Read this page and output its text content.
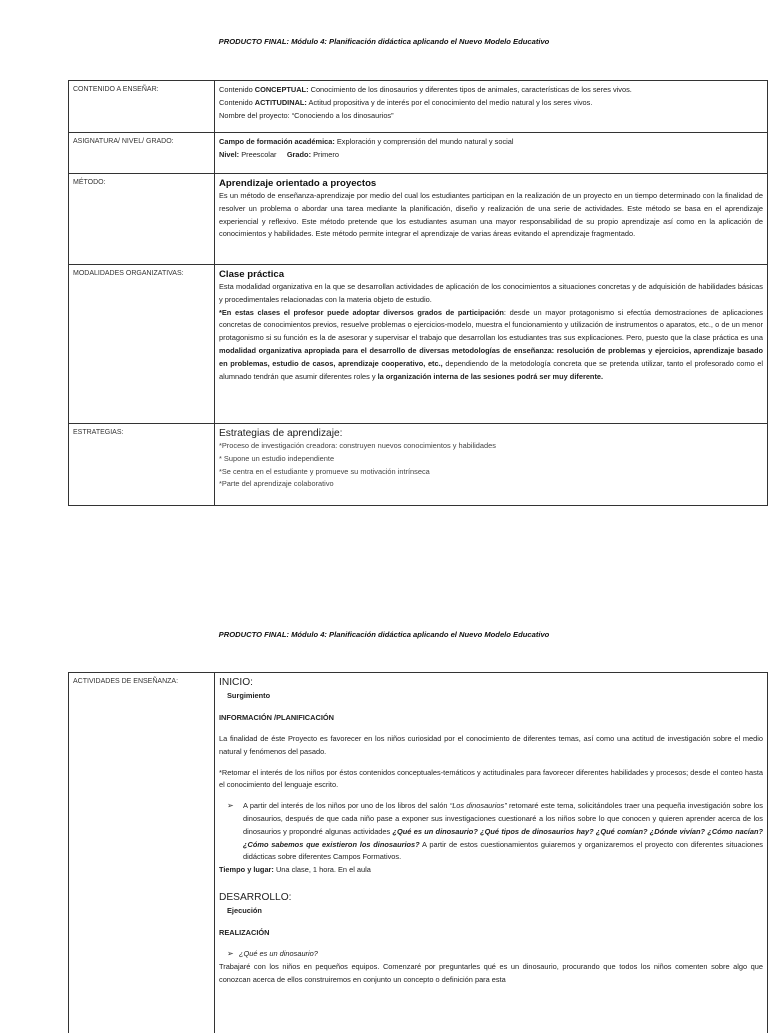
PRODUCTO FINAL: Módulo 4: Planificación didáctica aplicando el Nuevo Modelo Educativo
CONTENIDO A ENSEÑAR:	Contenido CONCEPTUAL: Conocimiento de los dinosaurios y diferentes tipos de animales, características de los seres vivos.

Contenido ACTITUDINAL: Actitud propositiva y de interés por el conocimiento del medio natural y los seres vivos.

Nombre del proyecto: “Conociendo a los dinosaurios”

ASIGNATURA/ NIVEL/ GRADO:	Campo de formación académica: Exploración y comprensión del mundo natural y social

Nivel: Preescolar Grado: Primero

MÉTODO:	Aprendizaje orientado a proyectos

Es un método de enseñanza-aprendizaje por medio del cual los estudiantes participan en la realización de un proyecto en un tiempo determinado con la finalidad de resolver un problema o abordar una tarea mediante la planificación, diseño y realización de una serie de actividades. Este método se basa en el aprendizaje experiencial y reflexivo. Este método pretende que los estudiantes asuman una mayor responsabilidad de su propio aprendizaje así como en la aplicación de conocimientos y habilidades. Este método permite integrar el aprendizaje de varias áreas evitando el aprendizaje fragmentado.

MODALIDADES ORGANIZATIVAS:	Clase práctica

Esta modalidad organizativa en la que se desarrollan actividades de aplicación de los conocimientos a situaciones concretas y de adquisición de habilidades básicas y procedimentales relacionadas con la materia objeto de estudio.

*En estas clases el profesor puede adoptar diversos grados de participación: desde un mayor protagonismo si efectúa demostraciones de aplicaciones concretas de conocimientos previos, resuelve problemas o ejercicios-modelo, muestra el funcionamiento y utilización de instrumentos o aparatos, etc., o de un menor protagonismo si su función es la de asesorar y supervisar el trabajo que desarrollan los estudiantes tras sus explicaciones. Pero, puesto que la clase práctica es una modalidad organizativa apropiada para el desarrollo de diversas metodologías de enseñanza: resolución de problemas y ejercicios, aprendizaje basado en problemas, estudio de casos, aprendizaje cooperativo, etc., dependiendo de la metodología concreta que se pretenda utilizar, tanto el profesorado como el alumnado tendrán que asumir diferentes roles y la organización interna de las sesiones podrá ser muy diferente.

ESTRATEGIAS:	Estrategias de aprendizaje:

*Proceso de investigación creadora: construyen nuevos conocimientos y habilidades

* Supone un estudio independiente

*Se centra en el estudiante y promueve su motivación intrínseca

*Parte del aprendizaje colaborativo

PRODUCTO FINAL: Módulo 4: Planificación didáctica aplicando el Nuevo Modelo Educativo
ACTIVIDADES DE ENSEÑANZA:	INICIO:
Surgimiento
INFORMACIÓN /PLANIFICACIÓN

La finalidad de éste Proyecto es favorecer en los niños curiosidad por el conocimiento de diferentes temas, así como una actitud de investigación sobre el medio natural y fenómenos del pasado.

*Retomar el interés de los niños por éstos contenidos conceptuales-temáticos y actitudinales para favorecer diferentes habilidades y procesos; desde el conteo hasta el conocimiento del lenguaje escrito.

➢ A partir del interés de los niños por uno de los libros del salón “Los dinosaurios” retomaré este tema, solicitándoles traer una pequeña investigación sobre los dinosaurios, después de que cada niño pase a exponer sus investigaciones cuestionaré a los niños sobre lo que conocen y quieren aprender acerca de los dinosaurios y propondré algunas actividades ¿Qué es un dinosaurio? ¿Qué tipos de dinosaurios hay? ¿Qué comían? ¿Dónde vivían? ¿Cómo nacían? ¿Cómo sabemos que existieron los dinosaurios? A partir de estos cuestionamientos guiaremos y organizaremos el proyecto con diferentes situaciones didácticas sobre diferentes Campos Formativos.

Tiempo y lugar: Una clase, 1 hora. En el aula

DESARROLLO:
Ejecución
REALIZACIÓN
➢ ¿Qué es un dinosaurio?

Trabajaré con los niños en pequeños equipos. Comenzaré por preguntarles qué es un dinosaurio, procurando que todos los niños comenten sobre algo que conozcan acerca de ellos construiremos en conjunto un concepto o definición para esta
